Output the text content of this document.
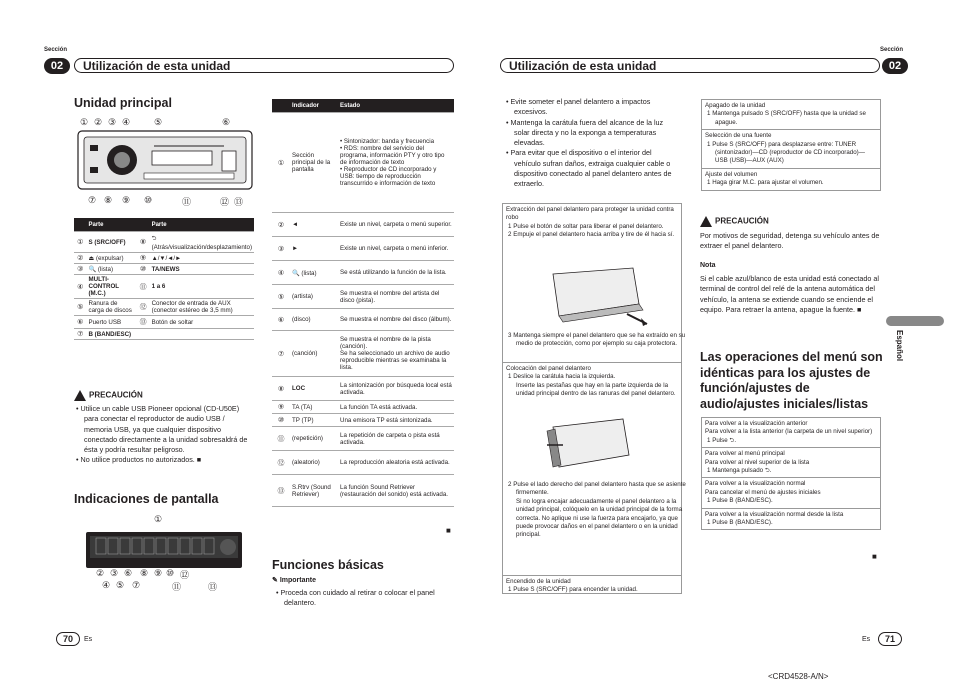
Sección
02	Utilización de esta unidad
Unidad principal
① ② ③ ④	⑤	⑥
⑦ ⑧ ⑨ ⑩	⑪	⑫ ⑬
	Parte		Parte
①	S (SRC/OFF)	⑧	⮌ (Atrás/visualización/desplazamiento)
②	⏏ (expulsar)	⑨	▲/▼/◄/►
③	🔍 (lista)	⑩	TA/NEWS
④	MULTI-CONTROL (M.C.)	⑪	1 a 6
⑤	Ranura de carga de discos	⑫	Conector de entrada de AUX (conector estéreo de 3,5 mm)
⑥	Puerto USB	⑬	Botón de soltar
⑦	B (BAND/ESC)		
PRECAUCIÓN
• Utilice un cable USB Pioneer opcional (CD-U50E) para conectar el reproductor de audio USB / memoria USB, ya que cualquier dispositivo conectado directamente a la unidad sobresaldrá de ésta y podría resultar peligroso.
• No utilice productos no autorizados. ■
Indicaciones de pantalla
①
② ③ ⑥ ⑧ ⑨ ⑩ ⑫
④ ⑤ ⑦	⑪	⑬
70	Es
	Indicador	Estado
①	Sección principal de la pantalla	• Sintonizador: banda y frecuencia
• RDS: nombre del servicio del programa, información PTY y otro tipo de información de texto
• Reproductor de CD incorporado y USB: tiempo de reproducción transcurrido e información de texto
②	◄	Existe un nivel, carpeta o menú superior.
③	►	Existe un nivel, carpeta o menú inferior.
④	🔍 (lista)	Se está utilizando la función de la lista.
⑤	(artista)	Se muestra el nombre del artista del disco (pista).
⑥	(disco)	Se muestra el nombre del disco (álbum).
⑦	(canción)	Se muestra el nombre de la pista (canción).
Se ha seleccionado un archivo de audio reproducible mientras se examinaba la lista.
⑧	LOC	La sintonización por búsqueda local está activada.
⑨	TA (TA)	La función TA está activada.
⑩	TP (TP)	Una emisora TP está sintonizada.
⑪	(repetición)	La repetición de carpeta o pista está activada.
⑫	(aleatorio)	La reproducción aleatoria está activada.
⑬	S.Rtrv (Sound Retriever)	La función Sound Retriever (restauración del sonido) está activada.
■
Funciones básicas
✎ Importante
• Proceda con cuidado al retirar o colocar el panel delantero.
Utilización de esta unidad
Sección
02
• Evite someter el panel delantero a impactos excesivos.
• Mantenga la carátula fuera del alcance de la luz solar directa y no la exponga a temperaturas elevadas.
• Para evitar que el dispositivo o el interior del vehículo sufran daños, extraiga cualquier cable o dispositivo conectado al panel delantero antes de extraerlo.
Extracción del panel delantero para proteger la unidad contra robo
1 Pulse el botón de soltar para liberar el panel delantero.
2 Empuje el panel delantero hacia arriba y tire de él hacia sí.
3 Mantenga siempre el panel delantero que se ha extraído en su medio de protección, como por ejemplo su caja protectora.
Colocación del panel delantero
1 Deslice la carátula hacia la izquierda.
Inserte las pestañas que hay en la parte izquierda de la unidad principal dentro de las ranuras del panel delantero.
2 Pulse el lado derecho del panel delantero hasta que se asiente firmemente.
Si no logra encajar adecuadamente el panel delantero a la unidad principal, colóquelo en la unidad principal de la forma correcta. No aplique ni use la fuerza para encajarlo, ya que puede provocar daños en el panel delantero o en la unidad principal.
Encendido de la unidad
1 Pulse S (SRC/OFF) para encender la unidad.
Apagado de la unidad
1 Mantenga pulsado S (SRC/OFF) hasta que la unidad se apague.
Selección de una fuente
1 Pulse S (SRC/OFF) para desplazarse entre: TUNER (sintonizador)—CD (reproductor de CD incorporado)—USB (USB)—AUX (AUX)
Ajuste del volumen
1 Haga girar M.C. para ajustar el volumen.
PRECAUCIÓN
Por motivos de seguridad, detenga su vehículo antes de extraer el panel delantero.
Nota
Si el cable azul/blanco de esta unidad está conectado al terminal de control del relé de la antena automática del vehículo, la antena se extiende cuando se enciende el equipo. Para retraer la antena, apague la fuente. ■
Las operaciones del menú son idénticas para los ajustes de función/ajustes de audio/ajustes iniciales/listas
Para volver a la visualización anterior
Para volver a la lista anterior (la carpeta de un nivel superior)
1 Pulse ⮌.
Para volver al menú principal
Para volver al nivel superior de la lista
1 Mantenga pulsado ⮌.
Para volver a la visualización normal
Para cancelar el menú de ajustes iniciales
1 Pulse B (BAND/ESC).
Para volver a la visualización normal desde la lista
1 Pulse B (BAND/ESC).
■
Español
Es	71
<CRD4528-A/N>
